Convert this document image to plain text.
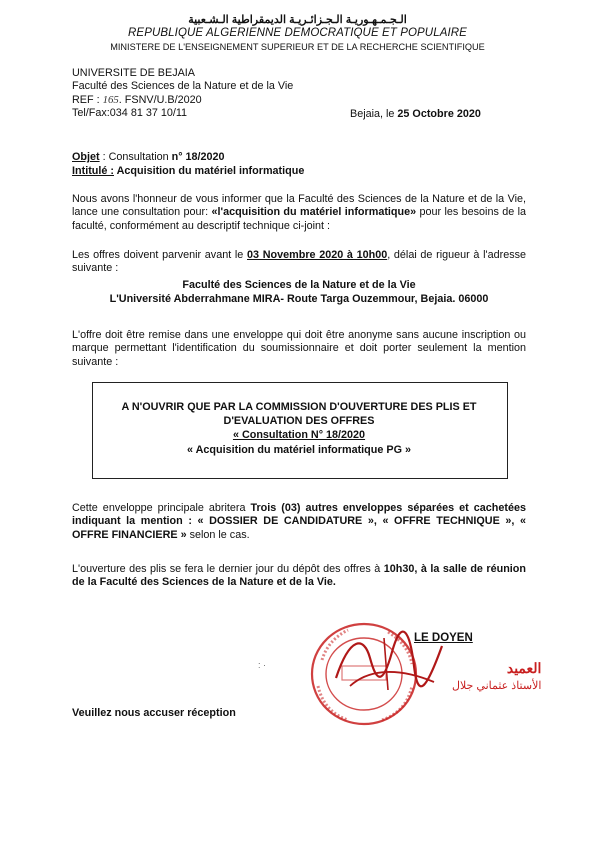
الـجـمـهـوريـة الـجـزائـريـة الديمقراطية الـشـعبية
REPUBLIQUE ALGERIENNE DEMOCRATIQUE ET POPULAIRE
MINISTERE DE L'ENSEIGNEMENT SUPERIEUR ET DE LA RECHERCHE SCIENTIFIQUE
UNIVERSITE DE BEJAIA
Faculté des Sciences de la Nature et de la Vie
REF : 165. FSNV/U.B/2020
Tel/Fax:034 81 37 10/11	Bejaia, le 25 Octobre 2020
Objet : Consultation n° 18/2020
Intitulé : Acquisition du matériel informatique
Nous avons l'honneur de vous informer que la Faculté des Sciences de la Nature et de la Vie, lance une consultation pour: «l'acquisition du matériel informatique» pour les besoins de la faculté, conformément au descriptif technique ci-joint :
Les offres doivent parvenir avant le 03 Novembre 2020 à 10h00, délai de rigueur à l'adresse suivante :
Faculté des Sciences de la Nature et de la Vie
L'Université Abderrahmane MIRA- Route Targa Ouzemmour, Bejaia. 06000
L'offre doit être remise dans une enveloppe qui doit être anonyme sans aucune inscription ou marque permettant l'identification du soumissionnaire et doit porter seulement la mention suivante :
A N'OUVRIR QUE PAR LA COMMISSION D'OUVERTURE DES PLIS ET
D'EVALUATION DES OFFRES
« Consultation N° 18/2020
« Acquisition du matériel informatique PG »
Cette enveloppe principale abritera Trois (03) autres enveloppes séparées et cachetées indiquant la mention : « DOSSIER DE CANDIDATURE », « OFFRE TECHNIQUE », « OFFRE FINANCIERE » selon le cas.
L'ouverture des plis se fera le dernier jour du dépôt des offres à 10h30, à la salle de réunion de la Faculté des Sciences de la Nature et de la Vie.
LE DOYEN
العميد
الأستاذ عثماني جلال
: ·
Veuillez nous accuser réception
